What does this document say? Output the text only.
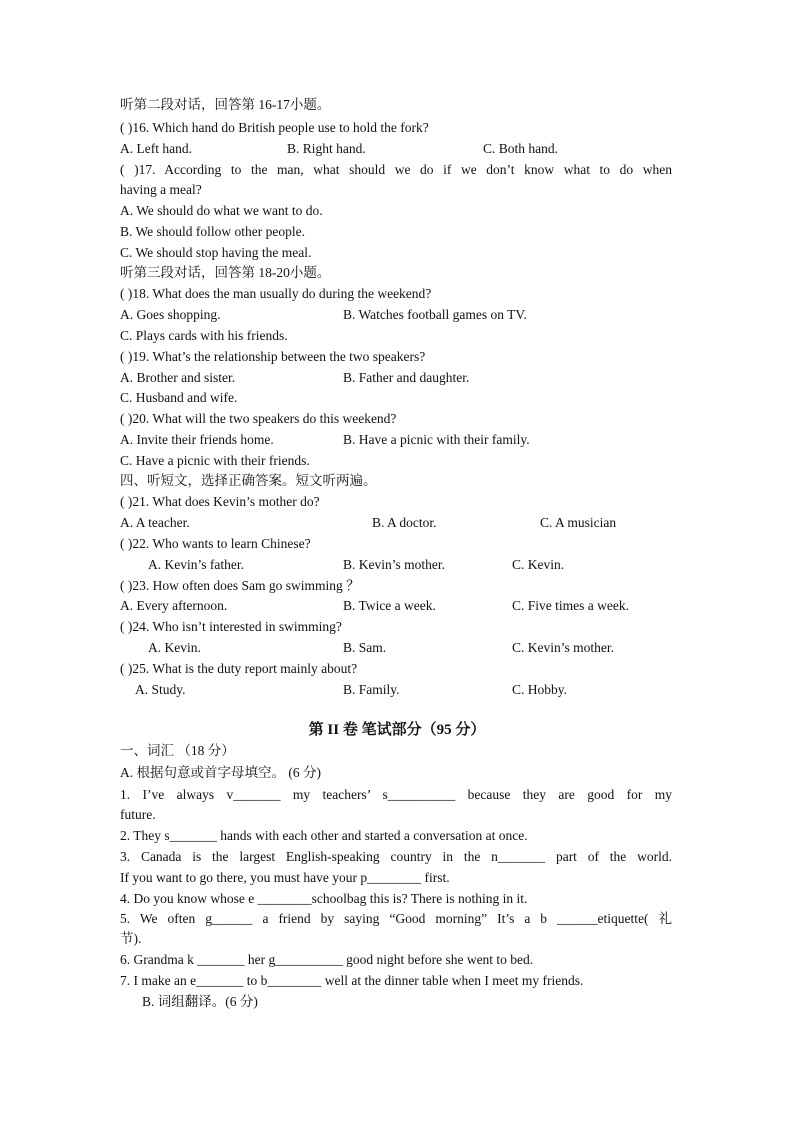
听第二段对话，回答第 16-17小题。
( )16. Which hand do British people use to hold the fork?
A. Left hand.	B. Right hand.	C. Both hand.
( )17. According to the man, what should we do if we don’t know what to do when
having a meal?
A. We should do what we want to do.
B. We should follow other people.
C. We should stop having the meal.
听第三段对话，回答第 18-20小题。
( )18. What does the man usually do during the weekend?
A. Goes shopping.	B. Watches football games on TV.
C. Plays cards with his friends.
( )19. What’s the relationship between the two speakers?
A. Brother and sister.	B. Father and daughter.
C. Husband and wife.
( )20. What will the two speakers do this weekend?
A. Invite their friends home.	B. Have a picnic with their family.
C. Have a picnic with their friends.
四、听短文，选择正确答案。短文听两遍。
( )21. What does Kevin’s mother do?
A. A teacher.	B. A doctor.	C. A musician
( )22. Who wants to learn Chinese?
A. Kevin’s father.	B. Kevin’s mother.	C. Kevin.
( )23. How often does Sam go swimming ？
A. Every afternoon.	B. Twice a week.	C. Five times a week.
( )24. Who isn’t interested in swimming?
A. Kevin.	B. Sam.	C. Kevin’s mother.
( )25. What is the duty report mainly about?
A. Study.	B. Family.	C. Hobby.
第 II 卷 笔试部分（95 分）
一、词汇 （18 分）
A. 根据句意或首字母填空。 (6 分)
1. I’ve always v_______ my teachers’ s__________ because they are good for my
future.
2. They s_______ hands with each other and started a conversation at once.
3. Canada is the largest English-speaking country in the n_______ part of the world.
If you want to go there, you must have your p________ first.
4. Do you know whose e ________schoolbag this is? There is nothing in it.
5. We often g______ a friend by saying “Good morning” It’s a b ______etiquette( 礼
节).
6. Grandma k _______ her g__________ good night before she went to bed.
7. I make an e_______ to b________ well at the dinner table when I meet my friends.
B. 词组翻译。(6 分)
